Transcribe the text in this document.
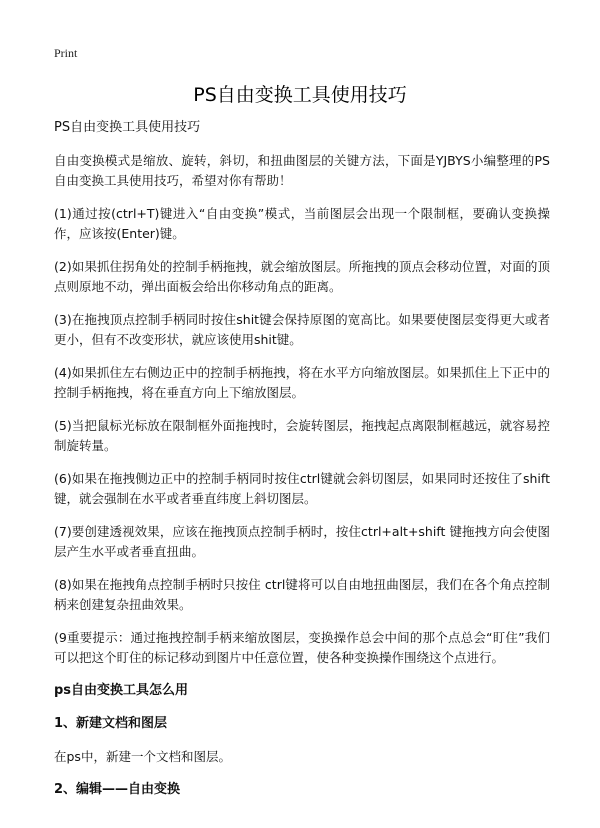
Print
PS自由变换工具使用技巧

PS自由变换工具使用技巧

自由变换模式是缩放、旋转，斜切，和扭曲图层的关键方法，下面是YJBYS小编整理的PS自由变换工具使用技巧，希望对你有帮助！

(1)通过按(ctrl+T)键进入“自由变换”模式，当前图层会出现一个限制框，要确认变换操作，应该按(Enter)键。

(2)如果抓住拐角处的控制手柄拖拽，就会缩放图层。所拖拽的顶点会移动位置，对面的顶点则原地不动，弹出面板会给出你移动角点的距离。

(3)在拖拽顶点控制手柄同时按住shit键会保持原图的宽高比。如果要使图层变得更大或者更小，但有不改变形状，就应该使用shit键。

(4)如果抓住左右侧边正中的控制手柄拖拽，将在水平方向缩放图层。如果抓住上下正中的控制手柄拖拽，将在垂直方向上下缩放图层。

(5)当把鼠标光标放在限制框外面拖拽时，会旋转图层，拖拽起点离限制框越远，就容易控制旋转量。

(6)如果在拖拽侧边正中的控制手柄同时按住ctrl键就会斜切图层，如果同时还按住了shift键，就会强制在水平或者垂直纬度上斜切图层。

(7)要创建透视效果，应该在拖拽顶点控制手柄时，按住ctrl+alt+shift 键拖拽方向会使图层产生水平或者垂直扭曲。

(8)如果在拖拽角点控制手柄时只按住 ctrl键将可以自由地扭曲图层，我们在各个角点控制柄来创建复杂扭曲效果。

(9重要提示：通过拖拽控制手柄来缩放图层，变换操作总会中间的那个点总会“盯住”我们可以把这个盯住的标记移动到图片中任意位置，使各种变换操作围绕这个点进行。

ps自由变换工具怎么用

1、新建文档和图层

在ps中，新建一个文档和图层。

2、编辑——自由变换
